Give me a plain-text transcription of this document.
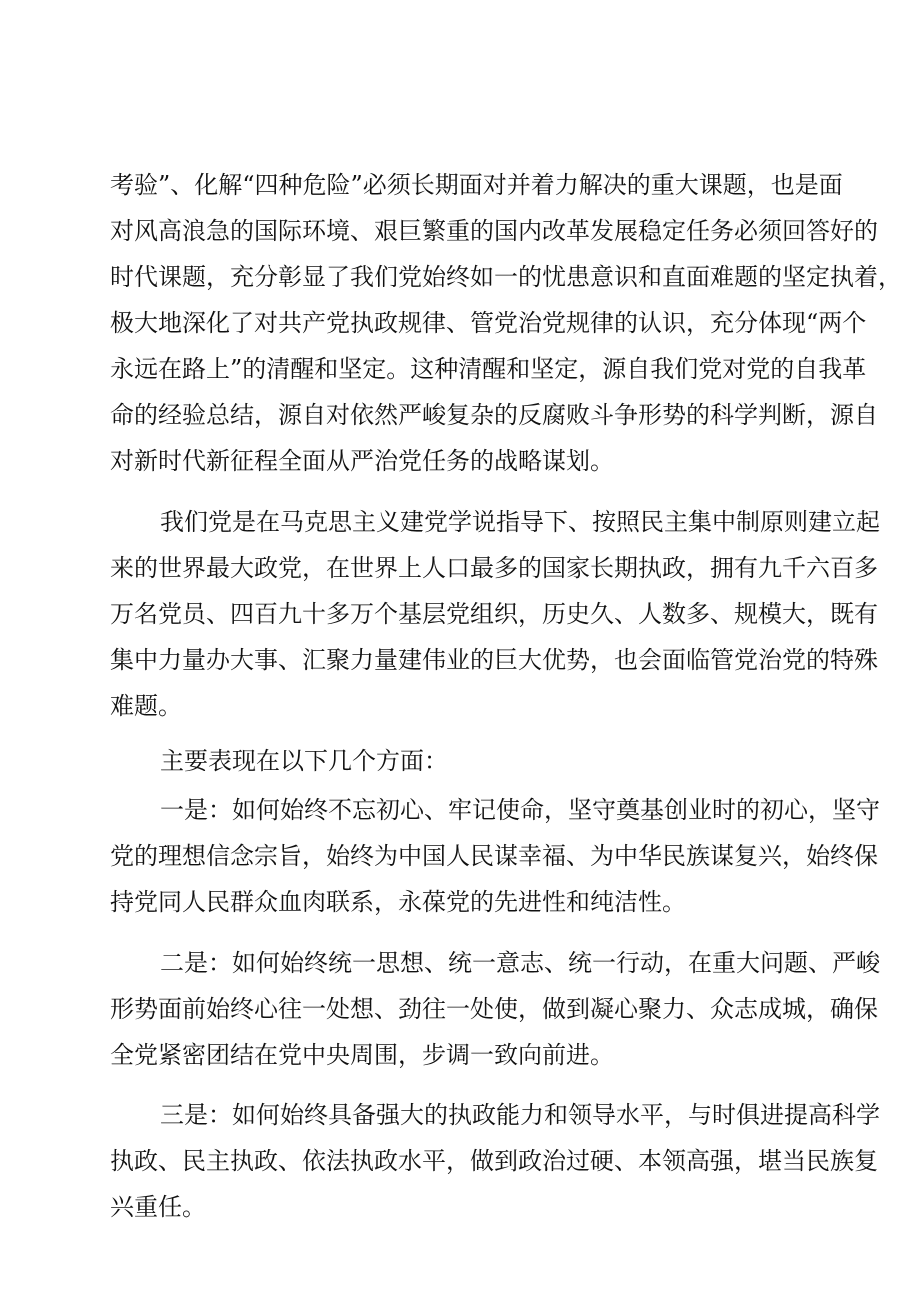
考验”、化解“四种危险”必须长期面对并着力解决的重大课题，也是面
对风高浪急的国际环境、艰巨繁重的国内改革发展稳定任务必须回答好的
时代课题，充分彰显了我们党始终如一的忧患意识和直面难题的坚定执着，
极大地深化了对共产党执政规律、管党治党规律的认识，充分体现“两个
永远在路上”的清醒和坚定。这种清醒和坚定，源自我们党对党的自我革
命的经验总结，源自对依然严峻复杂的反腐败斗争形势的科学判断，源自
对新时代新征程全面从严治党任务的战略谋划。
我们党是在马克思主义建党学说指导下、按照民主集中制原则建立起
来的世界最大政党，在世界上人口最多的国家长期执政，拥有九千六百多
万名党员、四百九十多万个基层党组织，历史久、人数多、规模大，既有
集中力量办大事、汇聚力量建伟业的巨大优势，也会面临管党治党的特殊
难题。
主要表现在以下几个方面：
一是：如何始终不忘初心、牢记使命，坚守奠基创业时的初心，坚守
党的理想信念宗旨，始终为中国人民谋幸福、为中华民族谋复兴，始终保
持党同人民群众血肉联系，永葆党的先进性和纯洁性。
二是：如何始终统一思想、统一意志、统一行动，在重大问题、严峻
形势面前始终心往一处想、劲往一处使，做到凝心聚力、众志成城，确保
全党紧密团结在党中央周围，步调一致向前进。
三是：如何始终具备强大的执政能力和领导水平，与时俱进提高科学
执政、民主执政、依法执政水平，做到政治过硬、本领高强，堪当民族复
兴重任。
